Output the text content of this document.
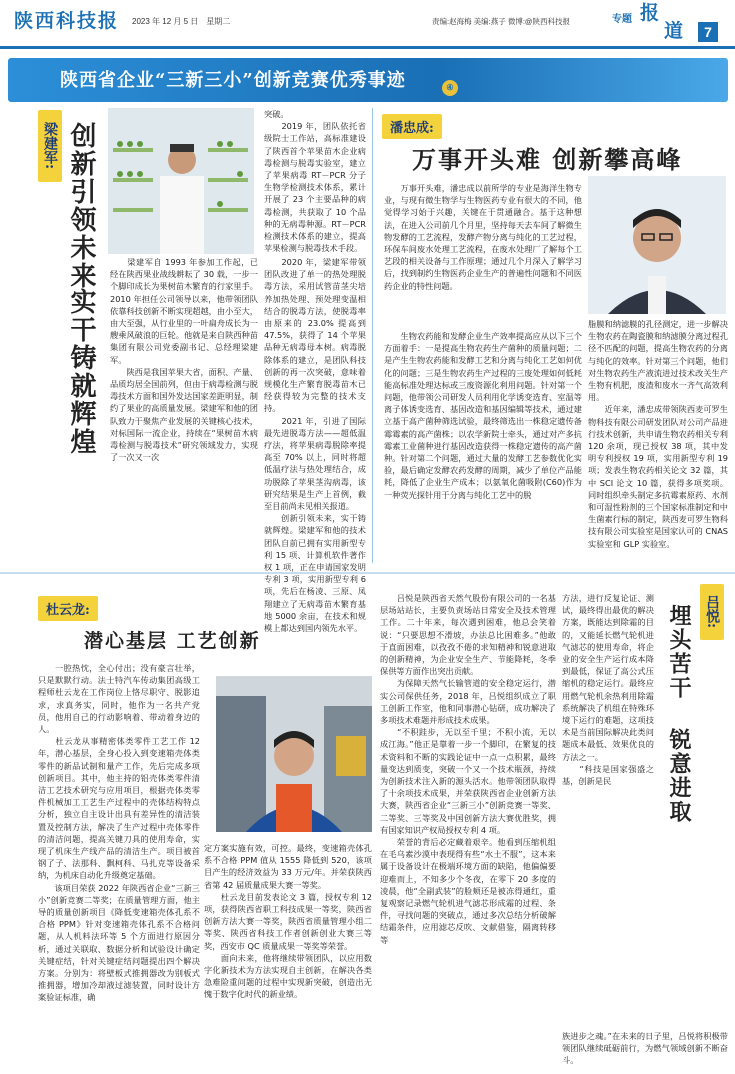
陕西科技报 2023 年 12 月 5 日　星期二	责编:赵海梅 美编:燕子 微博:@陕西科技报	专题 报
道	7
陕西省企业“三新三小”创新竞赛优秀事迹	④
梁建军: 创新引领未来
实干铸就辉煌
　　梁建军自 1993 年参加工作起，已经在陕西果业战线耕耘了 30 载，一步一个脚印成长为果树苗木繁育的行家里手。2010 年担任公司领导以来，他带领团队依靠科技创新不断实现超越，由小至大，由大至强，从行业里的一叶扁舟成长为一艘乘风破浪的巨轮。他就是来自陕西种苗集团有限公司党委副书记、总经理梁建军。
　　陕西是我国苹果大省，面积、产量、品质均居全国前列，但由于病毒检测与脱毒技术方面和国外发达国家差距明显，制约了果业的高质量发展。梁建军和他的团队致力于聚焦产业发展的关键核心技术，对标国际一流企业，持续在“果树苗木病毒检测与脱毒技术”研究领域发力，实现了一次又一次
突破。
　　2019 年，团队依托省级院士工作站，高标准建设了陕西首个苹果苗木企业病毒检测与脱毒实验室，建立了苹果病毒 RT－PCR 分子生物学检测技术体系，累计开展了 23 个主要品种的病毒检测，共获取了 10 个品种的无病毒种源。RT－PCR 检测技术体系的建立，提高苹果检测与脱毒技术手段。
　　2020 年，梁建军带领团队改进了单一的热处理脱毒方法，采用试管苗茎尖培养加热处理、预处理变温相结合的脱毒方法，使脱毒率由原来的 23.0% 提高到 47.5%，获得了 14 个苹果品种无病毒母本树。病毒脱除体系的建立，是团队科技创新的再一次突破，意味着规模化生产繁育脱毒苗木已经获得较为完整的技术支持。
　　2021 年，引进了国际最先进脱毒方法——超低温疗法，将苹果病毒脱除率提高至 70% 以上，同时将超低温疗法与热处理结合，成功脱除了苹果茎沟病毒，该研究结果是生产上首例，截至目前尚未见相关报道。
　　创新引领未来，实干铸就辉煌。梁建军和他的技术团队自前已拥有实用新型专利 15 项、计算机软件著作权 1 项，正在申请国家发明专利 3 项，实用新型专利 6 项，先后在杨凌、三原、凤翔建立了无病毒苗木繁育基地 5000 余亩，在技术和规模上都达到国内领先水平。
潘忠成:
万事开头难 创新攀高峰
　　万事开头难，潘忠成以前所学的专业是海洋生物专业，与现有微生物学与生物医药专业有很大的不同，他觉得学习始于兴趣，关键在于贯通融合。基于这种想法，在进入公司前几个月里，坚持每天去车间了解微生物发酵的工艺流程，发酵产物分离与纯化的工艺过程，环保车间废水处理工艺流程，在废水处理厂了解每个工艺段的相关设备与工作原理；通过几个月深入了解学习后，找到制约生物医药企业生产的普遍性问题和不同医药企业的特性问题。
　　生物农药能和发酵企业生产效率提高应从以下三个方面着手：一是提高生物农药生产菌种的质量问题；二是产生生物农药能和发酵工艺和分离与纯化工艺如何优化的问题；三是生物农药生产过程的三废处理如何低耗能高标准处理达标或三废资源化利用问题。针对第一个问题，他带领公司研发人员利用化学诱变选育、室温等离子体诱变选育、基因改造和基因编辑等技术，通过建立基于高产菌种筛选试验，最终筛选出一株稳定遗传备霉霉素的高产菌株；以农学新院士牵头，通过对产多抗霉素工业菌种进行基因改造获得一株稳定遗传的高产菌种。针对第二个问题，通过大量的发酵工艺参数优化实验，最后确定发酵农药发酵的周期，减少了单位产品能耗，降低了企业生产成本；以氨氧化菌吸附(C60)作为一种荧光探针用于分离与纯化工艺中的脱
脂膜和纳滤膜的孔径测定，进一步解决生物农药在陶瓷膜和纳滤膜分离过程孔径不匹配的问题，提高生物农药的分离与纯化的效率。针对第三个问题，他们对生物农药生产液流进过技术改关生产生物有机肥，废渣和废水一齐气高效利用。
　　近年来，潘忠成带领陕西麦可罗生物科技有限公司研发团队对公司产品进行技术创新，共申请生物农药相关专利 120 余项，现已授权 38 项，其中发明专利授权 19 项，实用新型专利 19 项；发表生物农药相关论文 32 篇，其中 SCI 论文 10 篇，获得多项奖项。同时组织牵头制定多抗霉素原药、水剂和可湿性粉剂的三个国家标准制定和中生菌素行标的制定，陕西麦可罗生物科技有限公司实验室是国家认可的 CNAS 实验室和 GLP 实验室。
杜云龙:
潜心基层 工艺创新
　　一腔热忱，全心付出；没有豪言壮举，只是默默行动。法士特汽车传动集团高级工程师杜云龙在工作岗位上恪尽职守、脱影追求，求真务实，同时，他作为一名共产党员，他用自己的行动影响着、带动着身边的人。
　　杜云龙从事精密体类零件工艺工作 12 年，潜心基层，全身心投入到变速箱壳体类零件的新品试制和量产工作，先后完成多项创新项目。其中，他主持的铝壳体类零件清洁工艺技术研究与应用项目，根据壳体类零件机械加工工艺生产过程中的壳体结构特点分析，独立自主设计出具有差异性的清洁装置及控制方法，解决了生产过程中壳体零件的清洁问题，提高关键刀具的使用寿命，实现了机床生产线产品的清洁生产。项目被首钢了子、法那科、飘柯科、马扎克等设备采纳，为机床自动化升级奠定基础。
　　该项目荣获 2022 年陕西省企业“三新三小”创新竞赛二等奖；在质量管理方面，他主导的质量创新项目《降低变速箱壳体孔系不合格 PPM》针对变速箱壳体孔系不合格问题，从人机料法环等 5 个方面进行原因分析，通过关联取、数据分析和试验设计确定关键症结，针对关键症结问题提出四个解决方案。分别为：将壁板式推拥器改为别板式推拥器，增加冷却液过滤装置，同时设计方案验证标准，确
定方案实施有效，可控。最终，变速箱壳体孔系不合格 PPM 值从 1555 降低到 520，该项目产生的经济效益为 33 万元/年。并荣获陕西省第 42 届质量成果大赛一等奖。
　　杜云龙目前发表论文 3 篇，授权专利 12 项，获得陕西省职工科技成果一等奖，陕西省创新方法大赛一等奖，陕西省质量管理小组二等奖、陕西省科技工作者创新创业大赛三等奖，西安市 QC 质量成果一等奖等荣誉。
　　面向未来，他将继续带领团队，以应用数字化新技术为方法实现自主创新，在解决各类急难险重问题的过程中实现新突破，创造出无愧于数字化时代的新业绩。
　　吕悦是陕西省天然气股份有限公司的一名基层场站站长，主要负责场站日常安全及技术管理工作。二十年来，每次遇到困难，他总会笑着说：“只要思想不滑坡，办法总比困难多。”他敢于直面困难，以孜孜不倦的求知精神和锐意进取的创新精神，为企业安全生产、节能降耗，冬季保供等方面作出突出贡献。
　　为保障天然气长输管道的安全稳定运行，潜实公司保供任务，2018 年，吕悦组织成立了职工创新工作室，他和同事潜心钻研，成功解决了多项技术难题并形成技术成果。
　　“不积跬步，无以至千里；不积小流，无以成江海。”他正是靠着一步一个脚印，在繁复的技术资料和不断的实践论证中一点一点积累，最终量变达到质变，突破一个又一个技术瓶颈，持续为创新技术注入新的源头活水。他带领团队取得了十余项技术成果，并荣获陕西省企业创新方法大赛，陕西省企业“三新三小”创新竞赛一等奖、二等奖、三等奖及中国创新方法大赛优胜奖，拥有国家知识产权局授权专利 4 项。
　　荣誉的背后必定藏着艰辛。他看到压缩机组在毛乌素沙漠中表现得有些“水土不服”，这本来属于设备设计在极端环境方面的缺陷，他偏偏要迎难而上，不知多少个冬夜，在零下 20 多度的凌晨，他“全副武装”的脸颊还是被冻得通红，重复观察记录燃气轮机进气滤芯形成霜的过程、条件，寻找问题的突破点，通过多次总结分析破解结霜条件，应用滤芯反吹、文献借鉴，隔离转移等
方法，进行反复论证、测试，最终得出最优的解决方案，既能达到除霜的目的，又能延长燃气轮机进气滤芯的使用寿命，将企业的安全生产运行成本降到最低，保证了高公式压缩机的稳定运行。最终应用燃气轮机余热利用除霜系统解决了机组在特殊环境下运行的难题，这项技术是当前国际解决此类问题成本最低、效果优良的方法之一。
　　“科技是国家强盛之基，创新是民
吕悦:
埋头苦干
锐意进取
族进步之魂。”在未来的日子里，吕悦将积极带领团队继续砥砺前行，为燃气领域创新不断奋斗。
